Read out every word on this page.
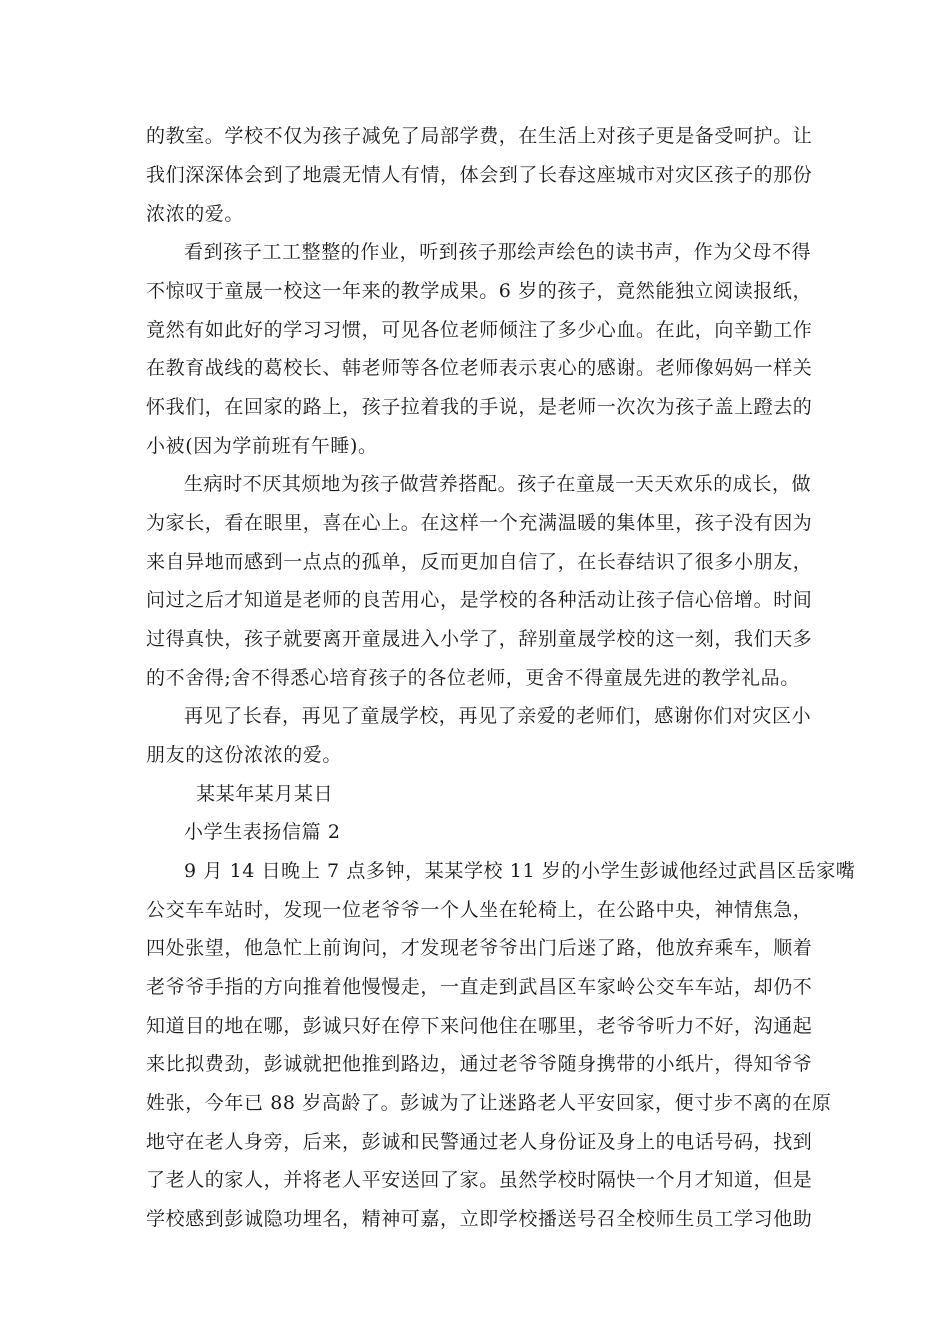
的教室。学校不仅为孩子减免了局部学费，在生活上对孩子更是备受呵护。让
我们深深体会到了地震无情人有情，体会到了长春这座城市对灾区孩子的那份
浓浓的爱。
看到孩子工工整整的作业，听到孩子那绘声绘色的读书声，作为父母不得
不惊叹于童晟一校这一年来的教学成果。6 岁的孩子，竟然能独立阅读报纸，
竟然有如此好的学习习惯，可见各位老师倾注了多少心血。在此，向辛勤工作
在教育战线的葛校长、韩老师等各位老师表示衷心的感谢。老师像妈妈一样关
怀我们，在回家的路上，孩子拉着我的手说，是老师一次次为孩子盖上蹬去的
小被(因为学前班有午睡)。
生病时不厌其烦地为孩子做营养搭配。孩子在童晟一天天欢乐的成长，做
为家长，看在眼里，喜在心上。在这样一个充满温暖的集体里，孩子没有因为
来自异地而感到一点点的孤单，反而更加自信了，在长春结识了很多小朋友，
问过之后才知道是老师的良苦用心，是学校的各种活动让孩子信心倍增。时间
过得真快，孩子就要离开童晟进入小学了，辞别童晟学校的这一刻，我们天多
的不舍得;舍不得悉心培育孩子的各位老师，更舍不得童晟先进的教学礼品。
再见了长春，再见了童晟学校，再见了亲爱的老师们，感谢你们对灾区小
朋友的这份浓浓的爱。
某某年某月某日
小学生表扬信篇 2
9 月 14 日晚上 7 点多钟，某某学校 11 岁的小学生彭诚他经过武昌区岳家嘴
公交车车站时，发现一位老爷爷一个人坐在轮椅上，在公路中央，神情焦急，
四处张望，他急忙上前询问，才发现老爷爷出门后迷了路，他放弃乘车，顺着
老爷爷手指的方向推着他慢慢走，一直走到武昌区车家岭公交车车站，却仍不
知道目的地在哪，彭诚只好在停下来问他住在哪里，老爷爷听力不好，沟通起
来比拟费劲，彭诚就把他推到路边，通过老爷爷随身携带的小纸片，得知爷爷
姓张，今年已 88 岁高龄了。彭诚为了让迷路老人平安回家，便寸步不离的在原
地守在老人身旁，后来，彭诚和民警通过老人身份证及身上的电话号码，找到
了老人的家人，并将老人平安送回了家。虽然学校时隔快一个月才知道，但是
学校感到彭诚隐功埋名，精神可嘉，立即学校播送号召全校师生员工学习他助
